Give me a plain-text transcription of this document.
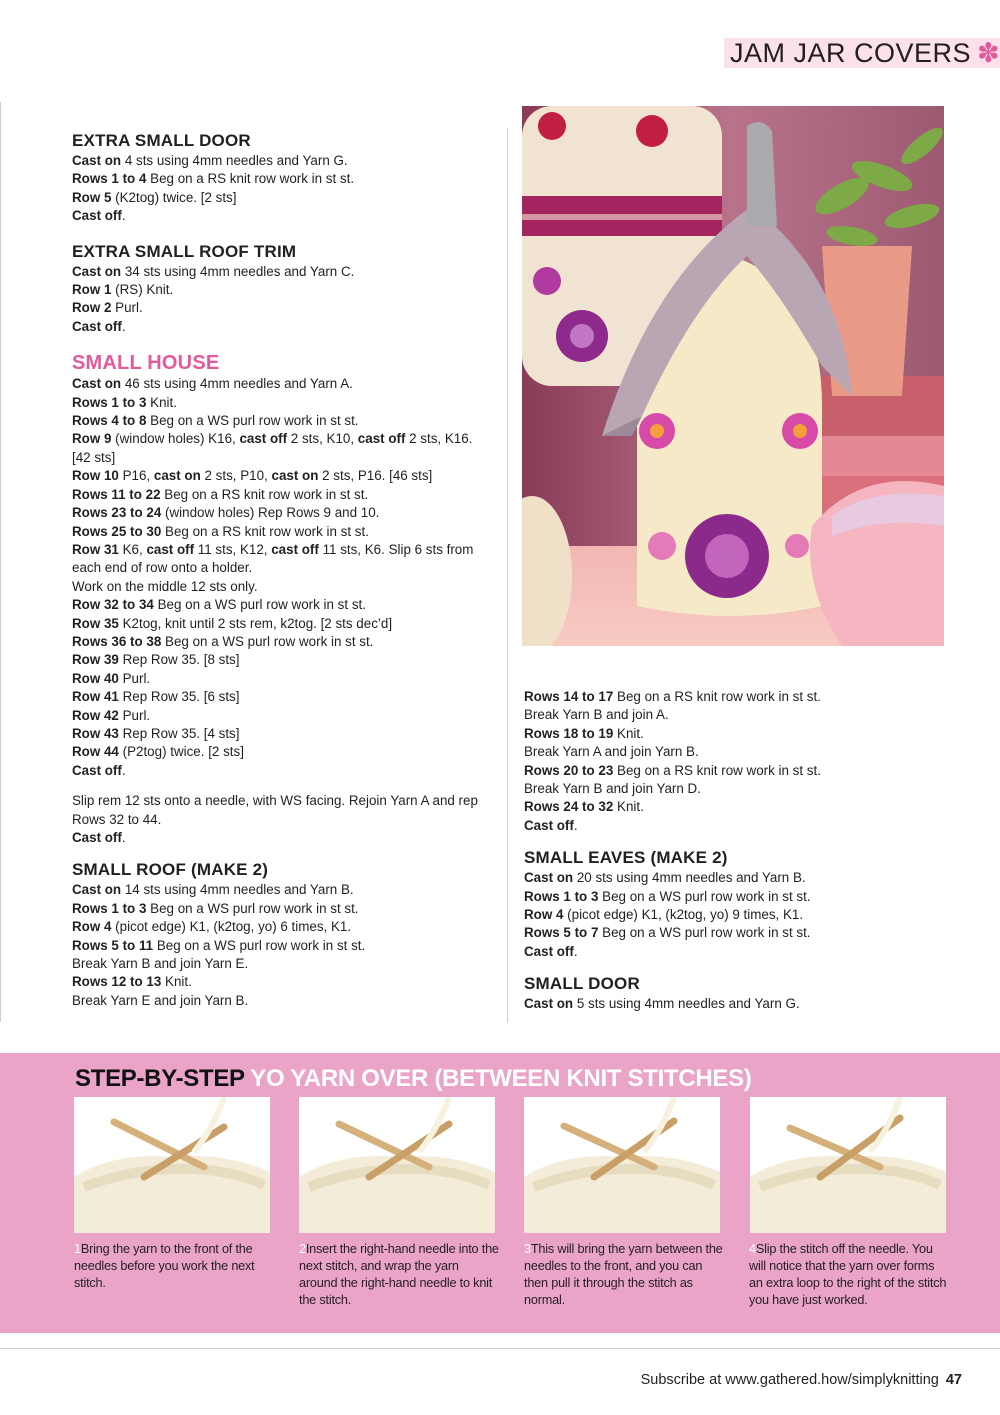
JAM JAR COVERS ✽
EXTRA SMALL DOOR
Cast on 4 sts using 4mm needles and Yarn G.
Rows 1 to 4 Beg on a RS knit row work in st st.
Row 5 (K2tog) twice. [2 sts]
Cast off.
EXTRA SMALL ROOF TRIM
Cast on 34 sts using 4mm needles and Yarn C.
Row 1 (RS) Knit.
Row 2 Purl.
Cast off.
SMALL HOUSE
Cast on 46 sts using 4mm needles and Yarn A.
Rows 1 to 3 Knit.
Rows 4 to 8 Beg on a WS purl row work in st st.
Row 9 (window holes) K16, cast off 2 sts, K10, cast off 2 sts, K16.
[42 sts]
Row 10 P16, cast on 2 sts, P10, cast on 2 sts, P16. [46 sts]
Rows 11 to 22 Beg on a RS knit row work in st st.
Rows 23 to 24 (window holes) Rep Rows 9 and 10.
Rows 25 to 30 Beg on a RS knit row work in st st.
Row 31 K6, cast off 11 sts, K12, cast off 11 sts, K6. Slip 6 sts from
each end of row onto a holder.
Work on the middle 12 sts only.
Row 32 to 34 Beg on a WS purl row work in st st.
Row 35 K2tog, knit until 2 sts rem, k2tog. [2 sts dec’d]
Rows 36 to 38 Beg on a WS purl row work in st st.
Row 39 Rep Row 35. [8 sts]
Row 40 Purl.
Row 41 Rep Row 35. [6 sts]
Row 42 Purl.
Row 43 Rep Row 35. [4 sts]
Row 44 (P2tog) twice. [2 sts]
Cast off.
Slip rem 12 sts onto a needle, with WS facing. Rejoin Yarn A and rep
Rows 32 to 44.
Cast off.
SMALL ROOF (MAKE 2)
Cast on 14 sts using 4mm needles and Yarn B.
Rows 1 to 3 Beg on a WS purl row work in st st.
Row 4 (picot edge) K1, (k2tog, yo) 6 times, K1.
Rows 5 to 11 Beg on a WS purl row work in st st.
Break Yarn B and join Yarn E.
Rows 12 to 13 Knit.
Break Yarn E and join Yarn B.
Rows 14 to 17 Beg on a RS knit row work in st st.
Break Yarn B and join A.
Rows 18 to 19 Knit.
Break Yarn A and join Yarn B.
Rows 20 to 23 Beg on a RS knit row work in st st.
Break Yarn B and join Yarn D.
Rows 24 to 32 Knit.
Cast off.
SMALL EAVES (MAKE 2)
Cast on 20 sts using 4mm needles and Yarn B.
Rows 1 to 3 Beg on a WS purl row work in st st.
Row 4 (picot edge) K1, (k2tog, yo) 9 times, K1.
Rows 5 to 7 Beg on a WS purl row work in st st.
Cast off.
SMALL DOOR
Cast on 5 sts using 4mm needles and Yarn G.
STEP-BY-STEP YO YARN OVER (BETWEEN KNIT STITCHES)
1Bring the yarn to the front of the needles before you work the next stitch.
2Insert the right-hand needle into the next stitch, and wrap the yarn around the right-hand needle to knit the stitch.
3This will bring the yarn between the needles to the front, and you can then pull it through the stitch as normal.
4Slip the stitch off the needle. You will notice that the yarn over forms an extra loop to the right of the stitch you have just worked.
Subscribe at www.gathered.how/simplyknitting 47
